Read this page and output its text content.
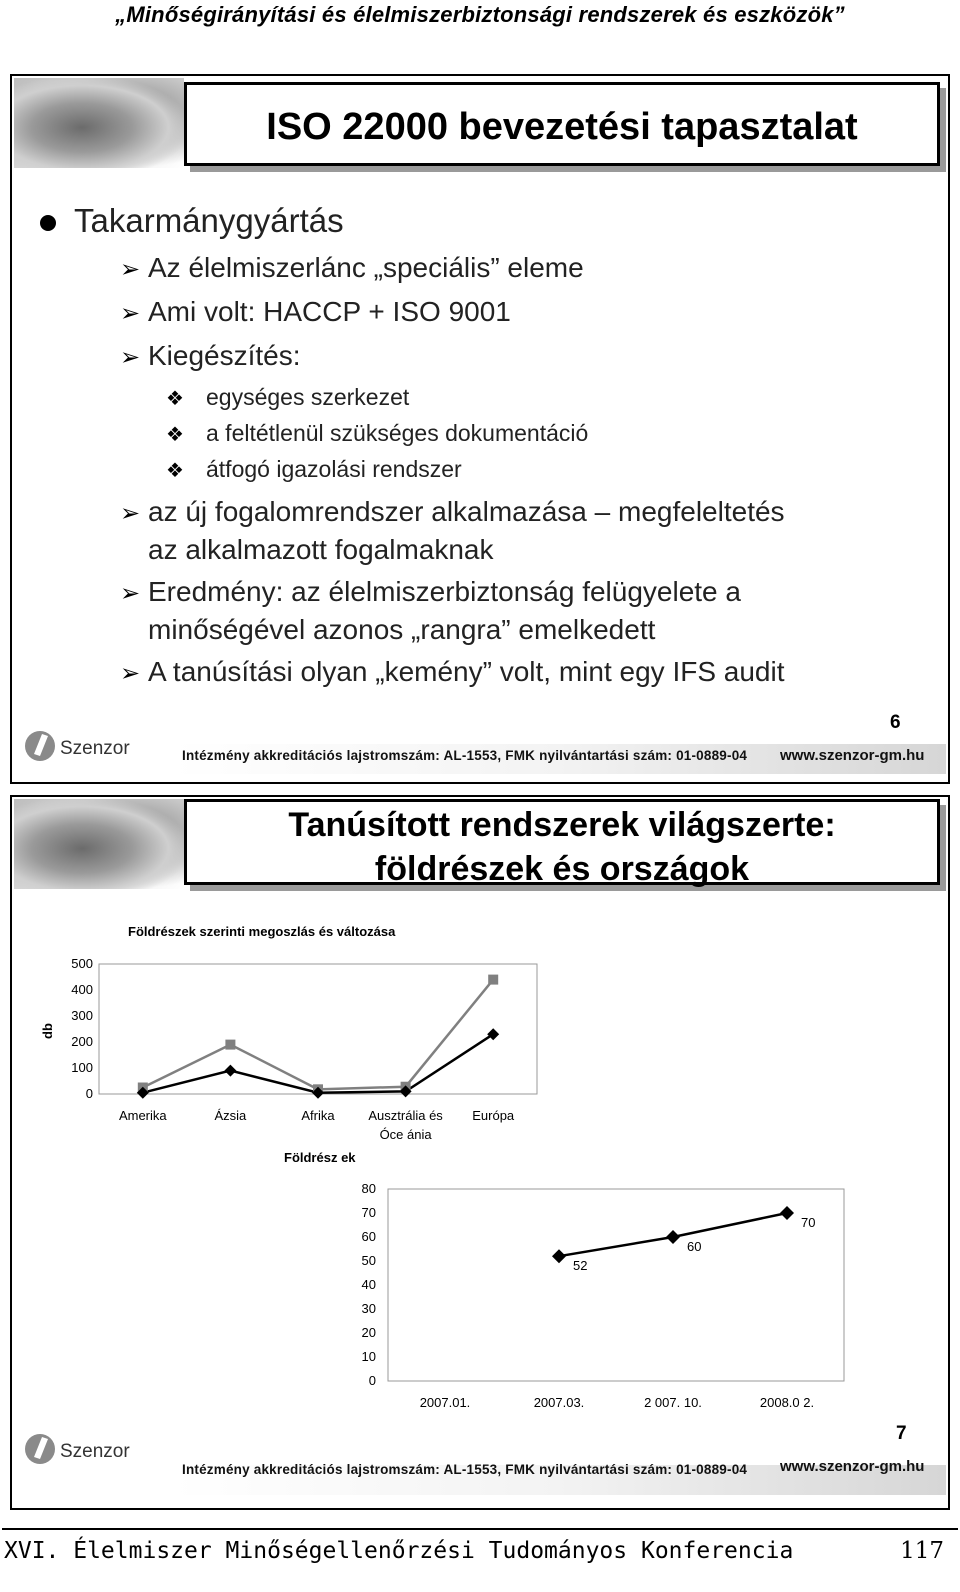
„Minőségirányítási és élelmiszerbiztonsági rendszerek és eszközök”
ISO 22000 bevezetési tapasztalat
Takarmánygyártás
➢ Az élelmiszerlánc „speciális” eleme
➢ Ami volt: HACCP + ISO 9001
➢ Kiegészítés:
❖ egységes szerkezet
❖ a feltétlenül szükséges dokumentáció
❖ átfogó igazolási rendszer
➢ az új fogalomrendszer alkalmazása – megfeleltetés
az alkalmazott fogalmaknak
➢ Eredmény: az élelmiszerbiztonság felügyelete a
minőségével azonos „rangra” emelkedett
➢ A tanúsítási olyan „kemény” volt, mint egy IFS audit
Szenzor
6
Intézmény akkreditációs lajstromszám: AL-1553, FMK nyilvántartási szám: 01-0889-04 www.szenzor-gm.hu
Tanúsított rendszerek világszerte:
földrészek és országok
Földrészek szerinti megoszlás és változása
db
0
100
200
300
400
500
Amerika	Ázsia	Afrika	Ausztrália és
Óce ánia
Európa
Földrész ek
0
10
20
30
40
50
60
70
80
52
60
70
2007.01.	2007.03.	2 007. 10.	2008.0 2.
Szenzor
7
Intézmény akkreditációs lajstromszám: AL-1553, FMK nyilvántartási szám: 01-0889-04 www.szenzor-gm.hu
XVI. Élelmiszer Minőségellenőrzési Tudományos Konferencia	117
